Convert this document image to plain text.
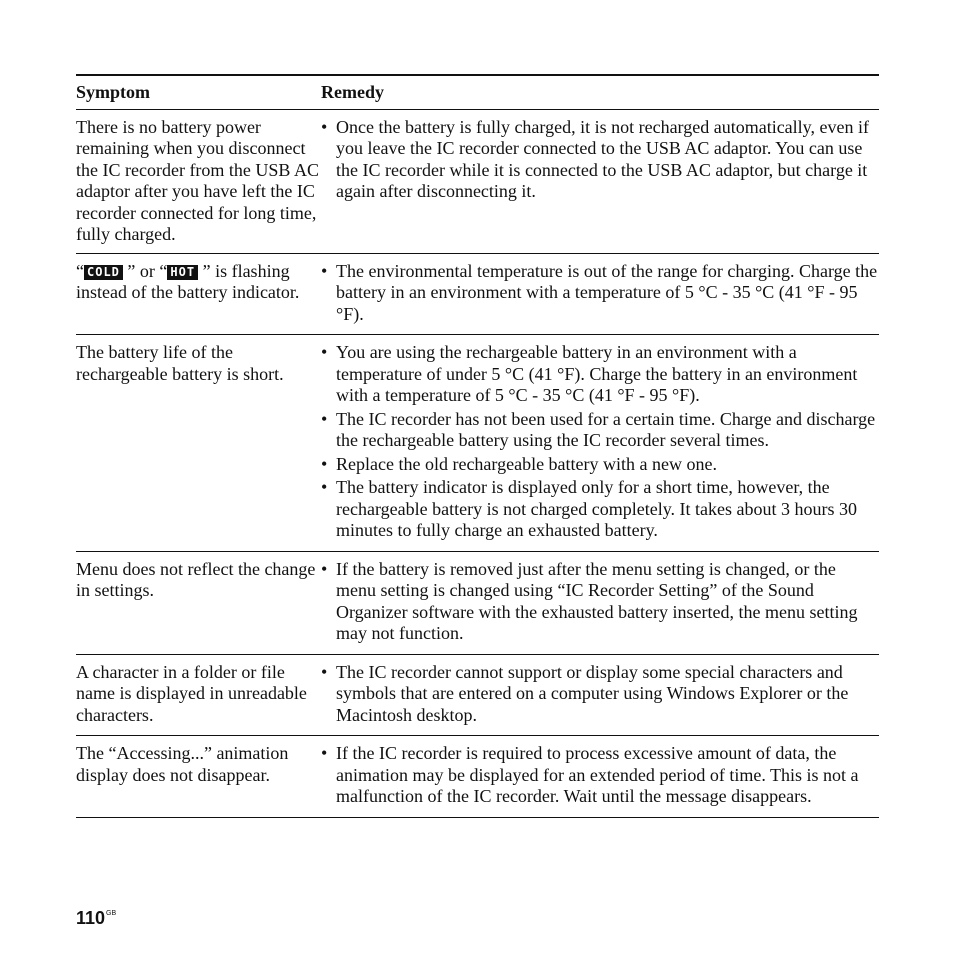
Symptom	Remedy
There is no battery power remaining when you disconnect the IC recorder from the USB AC adaptor after you have left the IC recorder connected for long time, fully charged.
• Once the battery is fully charged, it is not recharged automatically, even if you leave the IC recorder connected to the USB AC adaptor. You can use the IC recorder while it is connected to the USB AC adaptor, but charge it again after disconnecting it.
“ COLD ” or “ HOT ” is flashing instead of the battery indicator.
• The environmental temperature is out of the range for charging. Charge the battery in an environment with a temperature of 5 °C - 35 °C (41 °F - 95 °F).
The battery life of the rechargeable battery is short.
• You are using the rechargeable battery in an environment with a temperature of under 5 °C (41 °F). Charge the battery in an environment with a temperature of 5 °C - 35 °C (41 °F - 95 °F).
• The IC recorder has not been used for a certain time. Charge and discharge the rechargeable battery using the IC recorder several times.
• Replace the old rechargeable battery with a new one.
• The battery indicator is displayed only for a short time, however, the rechargeable battery is not charged completely. It takes about 3 hours 30 minutes to fully charge an exhausted battery.
Menu does not reflect the change in settings.
• If the battery is removed just after the menu setting is changed, or the menu setting is changed using “IC Recorder Setting” of the Sound Organizer software with the exhausted battery inserted, the menu setting may not function.
A character in a folder or file name is displayed in unreadable characters.
• The IC recorder cannot support or display some special characters and symbols that are entered on a computer using Windows Explorer or the Macintosh desktop.
The “Accessing...” animation display does not disappear.
• If the IC recorder is required to process excessive amount of data, the animation may be displayed for an extended period of time. This is not a malfunction of the IC recorder. Wait until the message disappears.
$110^{GB}$
